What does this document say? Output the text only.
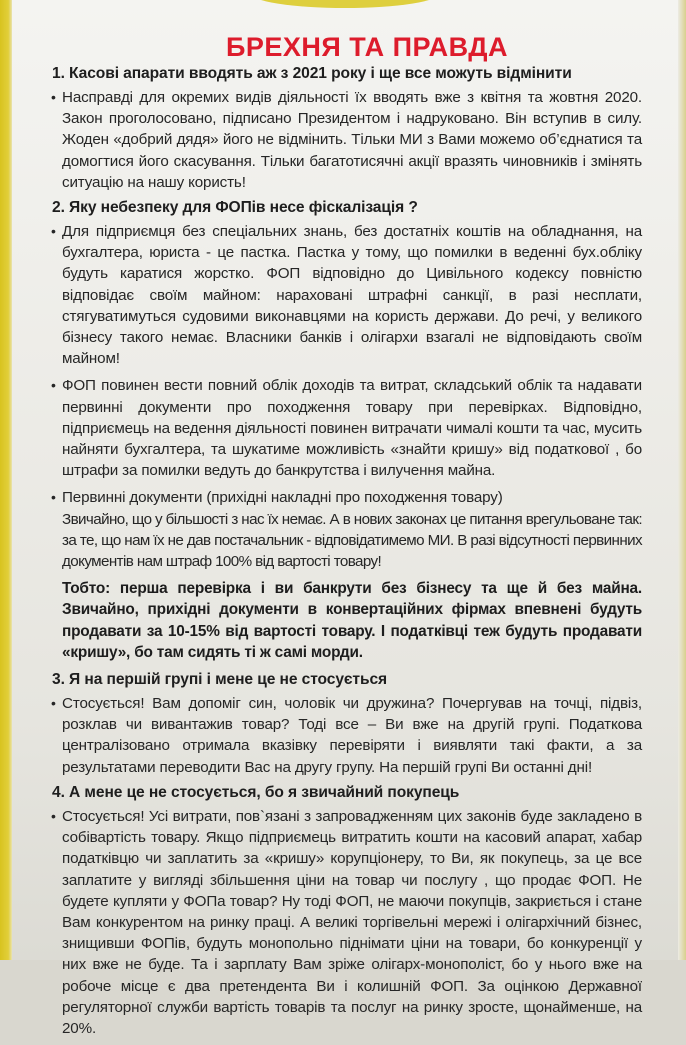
БРЕХНЯ ТА ПРАВДА
1. Касові апарати вводять аж з 2021 року і ще все можуть відмінити
• Насправді для окремих видів діяльності їх вводять вже з квітня та жовтня 2020. Закон проголосовано, підписано Президентом і надруковано. Він вступив в силу. Жоден «добрий дядя» його не відмінить. Тільки МИ з Вами можемо об’єднатися та домогтися його скасування. Тільки багатотисячні акції вразять чиновників і змінять ситуацію на нашу користь!
2. Яку небезпеку для ФОПів несе фіскалізація ?
• Для підприємця без спеціальних знань, без достатніх коштів на обладнання, на бухгалтера, юриста - це пастка. Пастка у тому, що помилки в веденні бух.обліку будуть каратися жорстко. ФОП відповідно до Цивільного кодексу повністю відповідає своїм майном: нараховані штрафні санкції, в разі несплати, стягуватимуться судовими виконавцями на користь держави. До речі, у великого бізнесу такого немає. Власники банків і олігархи взагалі не відповідають своїм майном!
• ФОП повинен вести повний облік доходів та витрат, складський облік та надавати первинні документи про походження товару при перевірках. Відповідно, підприємець на ведення діяльності повинен витрачати чималі кошти та час, мусить найняти бухгалтера, та шукатиме можливість «знайти кришу» від податкової , бо штрафи за помилки ведуть до банкрутства і вилучення майна.
• Первинні документи (прихідні накладні про походження товару)

Звичайно, що у більшості з нас їх немає. А в нових законах це питання врегульоване так: за те, що нам їх не дав постачальник - відповідатимемо МИ. В разі відсутності первинних документів нам штраф 100% від вартості товару!

Тобто: перша перевірка і ви банкрути без бізнесу та ще й без майна. Звичайно, прихідні документи в конвертаційних фірмах впевнені будуть продавати за 10-15% від вартості товару. І податківці теж будуть продавати «кришу», бо там сидять ті ж самі морди.

3. Я на першій групі і мене це не стосується
• Стосується! Вам допоміг син, чоловік чи дружина? Почергував на точці, підвіз, розклав чи вивантажив товар? Тоді все – Ви вже на другій групі. Податкова централізовано отримала вказівку перевіряти і виявляти такі факти, а за результатами переводити Вас на другу групу. На першій групі Ви останні дні!
4. А мене це не стосується, бо я звичайний покупець
• Стосується! Усі витрати, пов`язані з запровадженням цих законів буде закладено в собівартість товару. Якщо підприємець витратить кошти на касовий апарат, хабар податківцю чи заплатить за «кришу» корупціонеру, то Ви, як покупець, за це все заплатите у вигляді збільшення ціни на товар чи послугу , що продає ФОП. Не будете купляти у ФОПа товар? Ну тоді ФОП, не маючи покупців, закриється і стане Вам конкурентом на ринку праці. А великі торгівельні мережі і олігархічний бізнес, знищивши ФОПів, будуть монопольно піднімати ціни на товари, бо конкуренції у них вже не буде. Та і зарплату Вам зріже олігарх-монополіст, бо у нього вже на робоче місце є два претендента Ви і колишній ФОП. За оцінкою Державної регуляторної служби вартість товарів та послуг на ринку зросте, щонайменше, на 20%.
